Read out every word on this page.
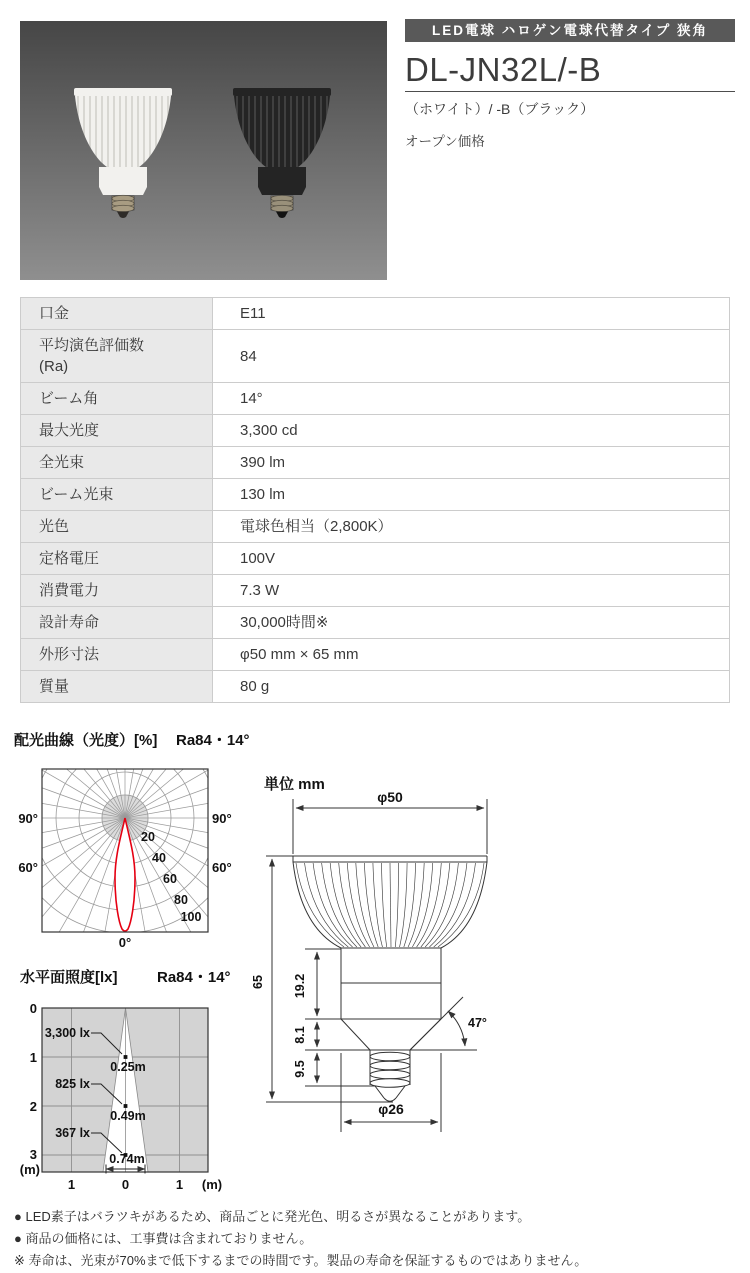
LED電球 ハロゲン電球代替タイプ 狭角
DL-JN32L/-B
（ホワイト）/ -B（ブラック）
オープン価格
口金	E11
平均演色評価数
(Ra)	84
ビーム角	14°
最大光度	3,300 cd
全光束	390 lm
ビーム光束	130 lm
光色	電球色相当（2,800K）
定格電圧	100V
消費電力	7.3 W
設計寿命	30,000時間※
外形寸法	φ50 mm × 65 mm
質量	80 g
配光曲線（光度）[%] Ra84・14°
90°	90°
60°	60°
0°
20
40
60
80
100
単位 mm
φ50
65 19.2
8.1
9.5
47°
φ26
水平面照度[lx]	Ra84・14°
0
1
2
3
(m)
1	0	1 (m)
3,300 lx
0.25m
825 lx
0.49m
367 lx
0.74m
● LED素子はバラツキがあるため、商品ごとに発光色、明るさが異なることがあります。
● 商品の価格には、工事費は含まれておりません。
※ 寿命は、光束が70%まで低下するまでの時間です。製品の寿命を保証するものではありません。
